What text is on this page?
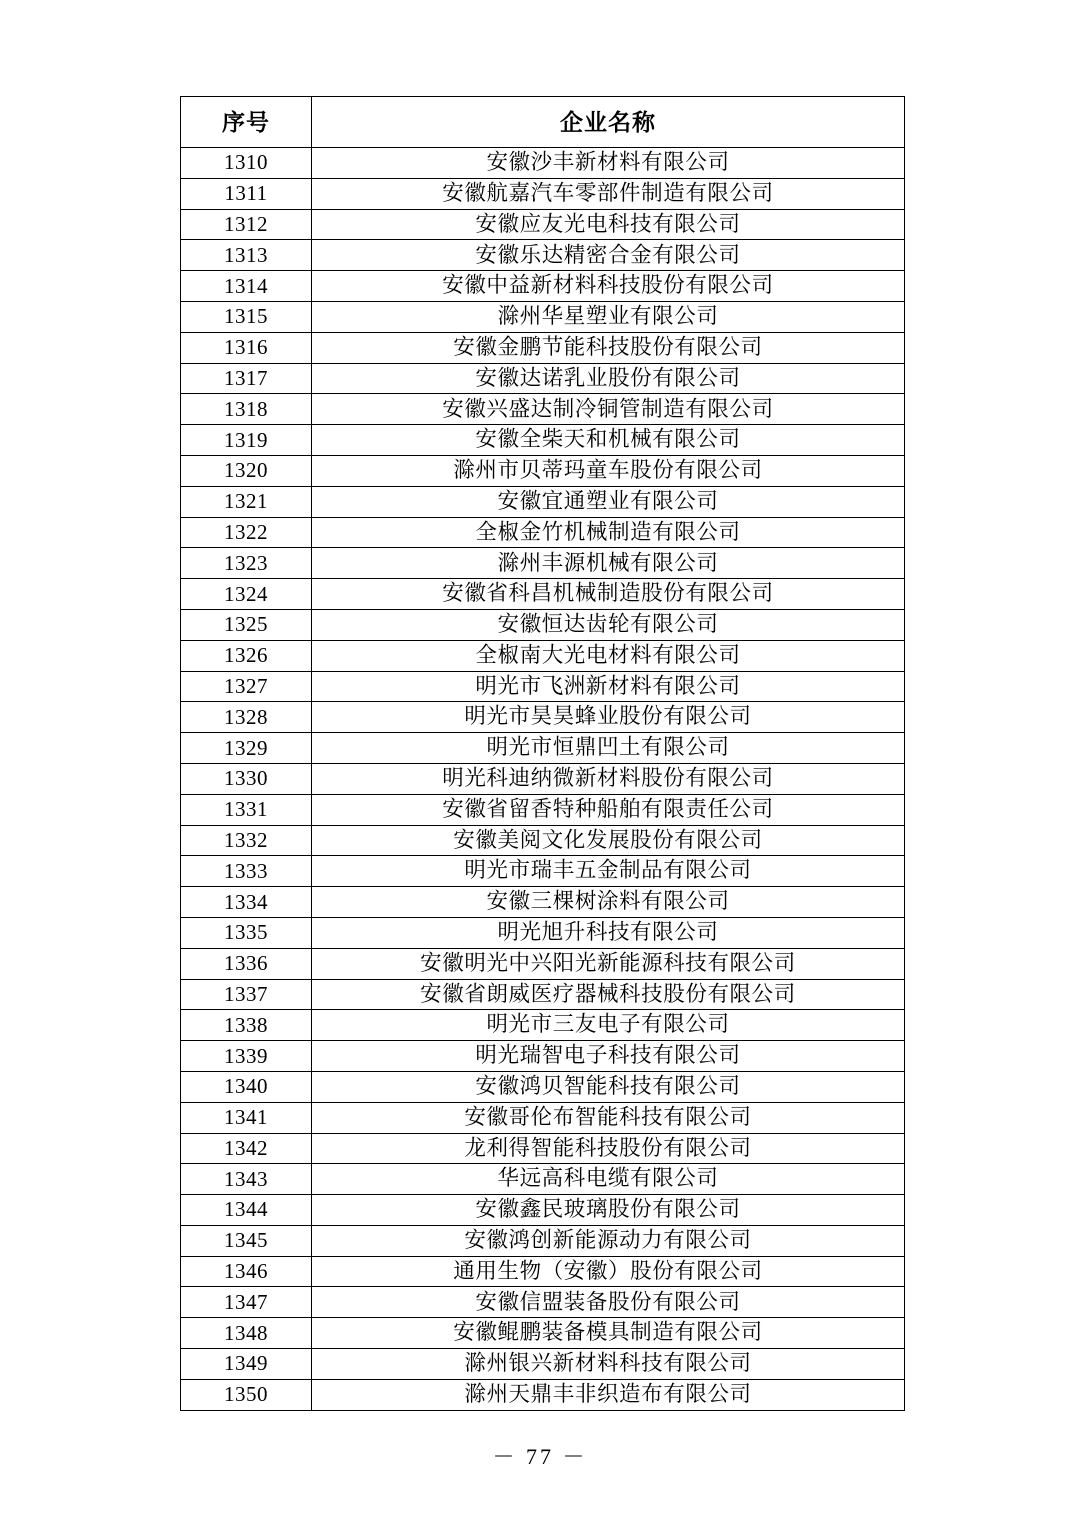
序号	企业名称
1310	安徽沙丰新材料有限公司
1311	安徽航嘉汽车零部件制造有限公司
1312	安徽应友光电科技有限公司
1313	安徽乐达精密合金有限公司
1314	安徽中益新材料科技股份有限公司
1315	滁州华星塑业有限公司
1316	安徽金鹏节能科技股份有限公司
1317	安徽达诺乳业股份有限公司
1318	安徽兴盛达制冷铜管制造有限公司
1319	安徽全柴天和机械有限公司
1320	滁州市贝蒂玛童车股份有限公司
1321	安徽宜通塑业有限公司
1322	全椒金竹机械制造有限公司
1323	滁州丰源机械有限公司
1324	安徽省科昌机械制造股份有限公司
1325	安徽恒达齿轮有限公司
1326	全椒南大光电材料有限公司
1327	明光市飞洲新材料有限公司
1328	明光市昊昊蜂业股份有限公司
1329	明光市恒鼎凹土有限公司
1330	明光科迪纳微新材料股份有限公司
1331	安徽省留香特种船舶有限责任公司
1332	安徽美阅文化发展股份有限公司
1333	明光市瑞丰五金制品有限公司
1334	安徽三棵树涂料有限公司
1335	明光旭升科技有限公司
1336	安徽明光中兴阳光新能源科技有限公司
1337	安徽省朗威医疗器械科技股份有限公司
1338	明光市三友电子有限公司
1339	明光瑞智电子科技有限公司
1340	安徽鸿贝智能科技有限公司
1341	安徽哥伦布智能科技有限公司
1342	龙利得智能科技股份有限公司
1343	华远高科电缆有限公司
1344	安徽鑫民玻璃股份有限公司
1345	安徽鸿创新能源动力有限公司
1346	通用生物（安徽）股份有限公司
1347	安徽信盟装备股份有限公司
1348	安徽鲲鹏装备模具制造有限公司
1349	滁州银兴新材料科技有限公司
1350	滁州天鼎丰非织造布有限公司
－ 77 －
